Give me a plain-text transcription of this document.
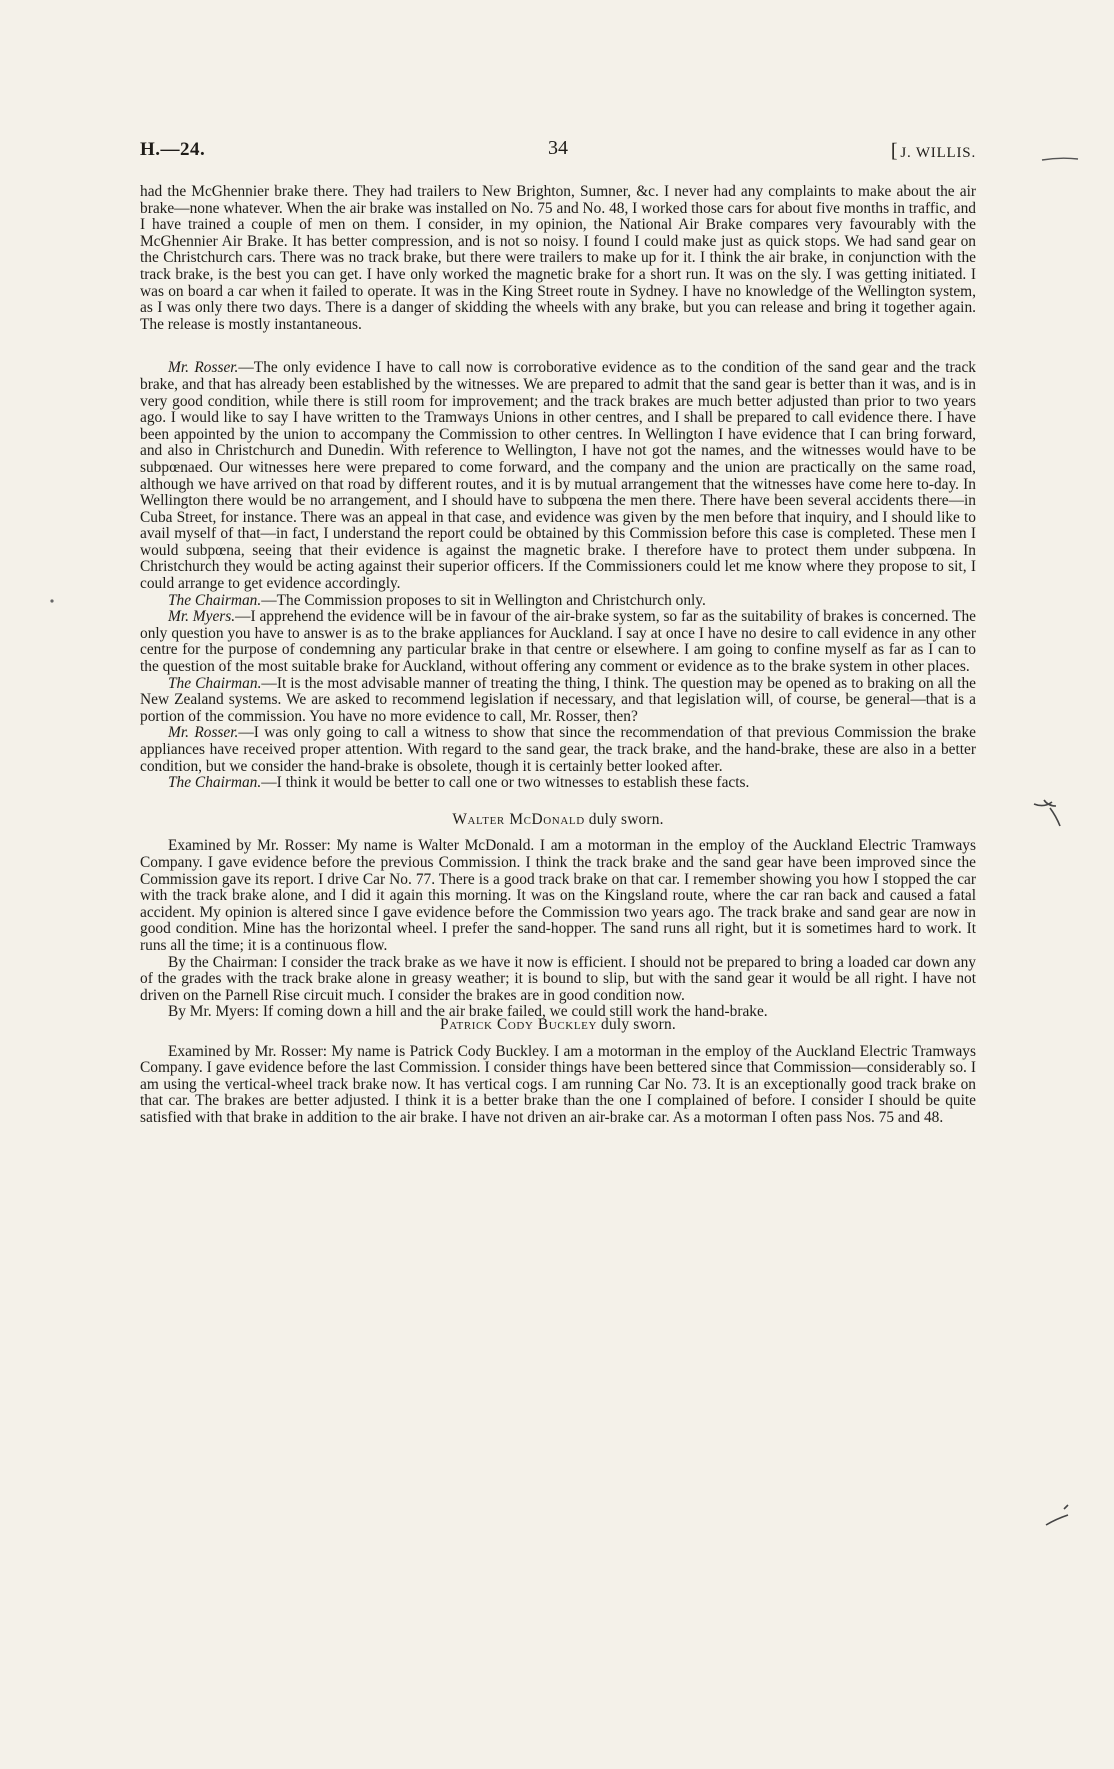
H.—24.	34	[ J. WILLIS.

had the McGhennier brake there. They had trailers to New Brighton, Sumner, &c. I never had any complaints to make about the air brake—none whatever. When the air brake was installed on No. 75 and No. 48, I worked those cars for about five months in traffic, and I have trained a couple of men on them. I consider, in my opinion, the National Air Brake compares very favourably with the McGhennier Air Brake. It has better compression, and is not so noisy. I found I could make just as quick stops. We had sand gear on the Christchurch cars. There was no track brake, but there were trailers to make up for it. I think the air brake, in conjunction with the track brake, is the best you can get. I have only worked the magnetic brake for a short run. It was on the sly. I was getting initiated. I was on board a car when it failed to operate. It was in the King Street route in Sydney. I have no knowledge of the Wellington system, as I was only there two days. There is a danger of skidding the wheels with any brake, but you can release and bring it together again. The release is mostly instantaneous.

Mr. Rosser.—The only evidence I have to call now is corroborative evidence as to the condition of the sand gear and the track brake, and that has already been established by the witnesses. We are prepared to admit that the sand gear is better than it was, and is in very good condition, while there is still room for improvement; and the track brakes are much better adjusted than prior to two years ago. I would like to say I have written to the Tramways Unions in other centres, and I shall be prepared to call evidence there. I have been appointed by the union to accompany the Commission to other centres. In Wellington I have evidence that I can bring forward, and also in Christchurch and Dunedin. With reference to Wellington, I have not got the names, and the witnesses would have to be subpœnaed. Our witnesses here were prepared to come forward, and the company and the union are practically on the same road, although we have arrived on that road by different routes, and it is by mutual arrangement that the witnesses have come here to-day. In Wellington there would be no arrangement, and I should have to subpœna the men there. There have been several accidents there—in Cuba Street, for instance. There was an appeal in that case, and evidence was given by the men before that inquiry, and I should like to avail myself of that—in fact, I understand the report could be obtained by this Commission before this case is completed. These men I would subpœna, seeing that their evidence is against the magnetic brake. I therefore have to protect them under subpœna. In Christchurch they would be acting against their superior officers. If the Commissioners could let me know where they propose to sit, I could arrange to get evidence accordingly.

The Chairman.—The Commission proposes to sit in Wellington and Christchurch only.

Mr. Myers.—I apprehend the evidence will be in favour of the air-brake system, so far as the suitability of brakes is concerned. The only question you have to answer is as to the brake appliances for Auckland. I say at once I have no desire to call evidence in any other centre for the purpose of condemning any particular brake in that centre or elsewhere. I am going to confine myself as far as I can to the question of the most suitable brake for Auckland, without offering any comment or evidence as to the brake system in other places.

The Chairman.—It is the most advisable manner of treating the thing, I think. The question may be opened as to braking on all the New Zealand systems. We are asked to recommend legislation if necessary, and that legislation will, of course, be general—that is a portion of the commission. You have no more evidence to call, Mr. Rosser, then?

Mr. Rosser.—I was only going to call a witness to show that since the recommendation of that previous Commission the brake appliances have received proper attention. With regard to the sand gear, the track brake, and the hand-brake, these are also in a better condition, but we consider the hand-brake is obsolete, though it is certainly better looked after.

The Chairman.—I think it would be better to call one or two witnesses to establish these facts.

Walter McDonald duly sworn.

Examined by Mr. Rosser: My name is Walter McDonald. I am a motorman in the employ of the Auckland Electric Tramways Company. I gave evidence before the previous Commission. I think the track brake and the sand gear have been improved since the Commission gave its report. I drive Car No. 77. There is a good track brake on that car. I remember showing you how I stopped the car with the track brake alone, and I did it again this morning. It was on the Kingsland route, where the car ran back and caused a fatal accident. My opinion is altered since I gave evidence before the Commission two years ago. The track brake and sand gear are now in good condition. Mine has the horizontal wheel. I prefer the sand-hopper. The sand runs all right, but it is sometimes hard to work. It runs all the time; it is a continuous flow.

By the Chairman: I consider the track brake as we have it now is efficient. I should not be prepared to bring a loaded car down any of the grades with the track brake alone in greasy weather; it is bound to slip, but with the sand gear it would be all right. I have not driven on the Parnell Rise circuit much. I consider the brakes are in good condition now.

By Mr. Myers: If coming down a hill and the air brake failed, we could still work the hand-brake.

Patrick Cody Buckley duly sworn.

Examined by Mr. Rosser: My name is Patrick Cody Buckley. I am a motorman in the employ of the Auckland Electric Tramways Company. I gave evidence before the last Commission. I consider things have been bettered since that Commission—considerably so. I am using the vertical-wheel track brake now. It has vertical cogs. I am running Car No. 73. It is an exceptionally good track brake on that car. The brakes are better adjusted. I think it is a better brake than the one I complained of before. I consider I should be quite satisfied with that brake in addition to the air brake. I have not driven an air-brake car. As a motorman I often pass Nos. 75 and 48.
